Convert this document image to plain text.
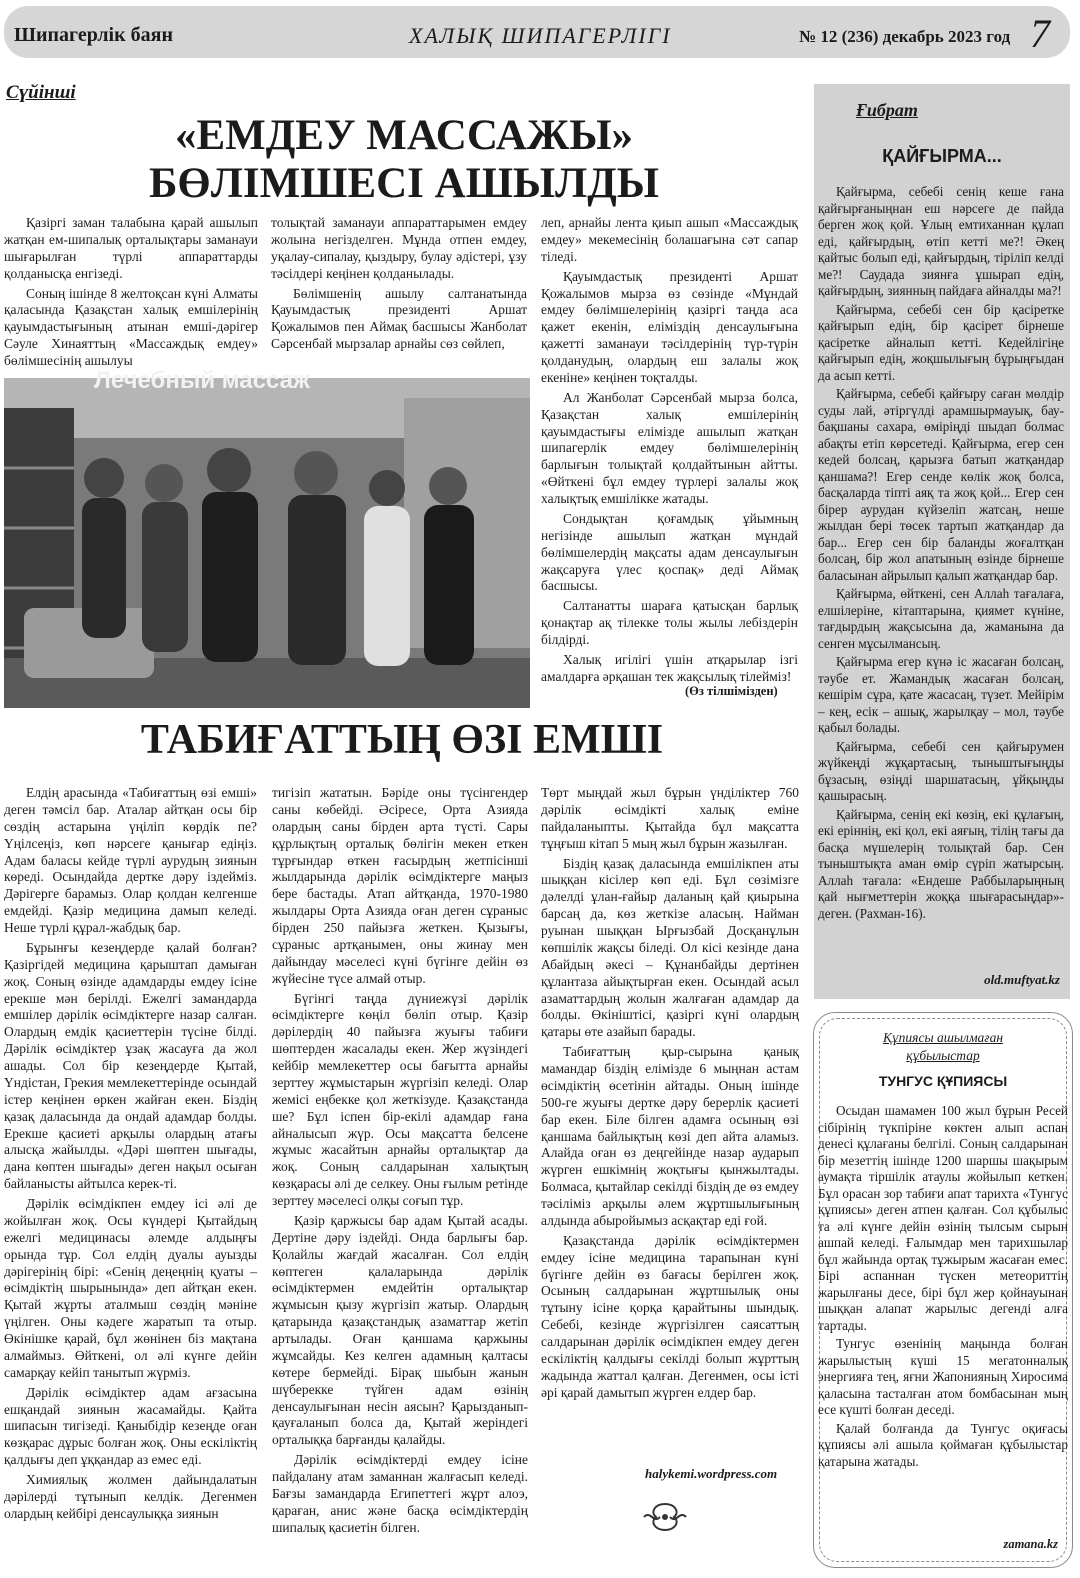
Шипагерлік баян	ХАЛЫҚ ШИПАГЕРЛІГІ	№ 12 (236) декабрь 2023 год 7
Сүйінші
«ЕМДЕУ МАССАЖЫ»
БӨЛІМШЕСІ АШЫЛДЫ

Қазіргі заман талабына қарай ашылып жатқан ем-шипалық орталықтары заманауи шығарылған түрлі аппараттарды қолданысқа енгізеді.

Соның ішінде 8 желтоқсан күні Алматы қаласында Қазақстан халық емшілерінің қауымдастығының атынан емші-дәрігер Сәуле Хинаяттың «Массаждық емдеу» бөлімшесінің ашылуы

толықтай заманауи аппараттарымен емдеу жолына негізделген. Мұнда отпен емдеу, уқалау-сипалау, қыздыру, булау әдістері, ұзу тәсілдері кеңінен қолданылады.

Бөлімшенің ашылу салтанатында Қауымдастық президенті Аршат Қожалымов пен Аймақ басшысы Жанболат Сәрсенбай мырзалар арнайы сөз сөйлеп,

леп, арнайы лента қиып ашып «Массаждық емдеу» мекемесінің болашағына сәт сапар тіледі.

Қауымдастық президенті Аршат Қожалымов мырза өз сөзінде «Мұндай емдеу бөлімшелерінің қазіргі таңда аса қажет екенін, еліміздің денсаулығына қажетті заманауи тәсілдерінің түр-түрін қолданудың, олардың еш залалы жоқ екеніне» кеңінен тоқталды.

Ал Жанболат Сәрсенбай мырза болса, Қазақстан халық емшілерінің қауымдастығы елімізде ашылып жатқан шипагерлік емдеу бөлімшелерінің барлығын толықтай қолдайтынын айтты. «Өйткені бұл емдеу түрлері залалы жоқ халықтық емшілікке жатады.

Сондықтан қоғамдық ұйымның негізінде ашылып жатқан мұндай бөлімшелердің мақсаты адам денсаулығын жақсаруға үлес қоспақ» деді Аймақ басшысы.

Салтанатты шараға қатысқан барлық қонақтар ақ тілекке толы жылы лебіздерін білдірді.

Халық игілігі үшін атқарылар ізгі амалдарға әрқашан тек жақсылық тілейміз!

Лечебный массаж
(Өз тілшімізден)
ТАБИҒАТТЫҢ ӨЗІ ЕМШІ

Елдің арасында «Табиғаттың өзі емші» деген тәмсіл бар. Аталар айтқан осы бір сөздің астарына үңіліп көрдік пе? Үңілсеңіз, көп нәрсеге қанығар едіңіз. Адам баласы кейде түрлі аурудың зиянын көреді. Осындайда дертке дәру іздейміз. Дәрігерге барамыз. Олар қолдан келгенше емдейді. Қазір медицина дамып келеді. Неше түрлі құрал-жабдық бар.

Бұрынғы кезеңдерде қалай болған? Қазіргідей медицина қарыштап дамыған жоқ. Соның өзінде адамдарды емдеу ісіне ерекше мән берілді. Ежелгі замандарда емшілер дәрілік өсімдіктерге назар салған. Олардың емдік қасиеттерін түсіне білді. Дәрілік өсімдіктер ұзақ жасауға да жол ашады. Сол бір кезеңдерде Қытай, Үндістан, Грекия мемлекеттерінде осындай істер кеңінен өркен жайған екен. Біздің қазақ даласында да ондай адамдар болды. Ерекше қасиеті арқылы олардың атағы алысқа жайылды. «Дәрі шөптен шығады, дана көптен шығады» деген нақыл осыған байланысты айтылса керек-ті.

Дәрілік өсімдікпен емдеу ісі әлі де жойылған жоқ. Осы күндері Қытайдың ежелгі медицинасы әлемде алдыңғы орында тұр. Сол елдің дуалы ауызды дәрігерінің бірі: «Сенің деңеңнің қуаты – өсімдіктің шырынында» деп айтқан екен. Қытай жұрты аталмыш сөздің мәніне үңілген. Оны кәдеге жаратып та отыр. Өкінішке қарай, бұл жөнінен біз мақтана алмаймыз. Өйткені, ол әлі күнге дейін самарқау кейіп танытып жүрміз.

Дәрілік өсімдіктер адам ағзасына ешқандай зиянын жасамайды. Қайта шипасын тигізеді. Қаныбідір кезеңде оған көзқарас дұрыс болған жоқ. Оны ескіліктің қалдығы деп ұққандар аз емес еді.

Химиялық жолмен дайындалатын дәрілерді тұтынып келдік. Дегенмен олардың кейбірі денсаулыққа зиянын

тигізіп жататын. Бәріде оны түсінгендер саны көбейді. Әсіресе, Орта Азияда олардың саны бірден арта түсті. Сары құрлықтың орталық бөлігін мекен еткен тұрғындар өткен ғасырдың жетпісінші жылдарында дәрілік өсімдіктерге маңыз бере бастады. Атап айтқанда, 1970-1980 жылдары Орта Азияда оған деген сұраныс бірден 250 пайызға жеткен. Қызығы, сұраныс артқанымен, оны жинау мен дайындау мәселесі күні бүгінге дейін өз жүйесіне түсе алмай отыр.

Бүгінгі таңда дүниежүзі дәрілік өсімдіктерге көңіл бөліп отыр. Қазір дәрілердің 40 пайызға жуығы табиғи шөптерден жасалады екен. Жер жүзіндегі кейбір мемлекеттер осы бағытта арнайы зерттеу жұмыстарын жүргізіп келеді. Олар жемісі еңбекке қол жеткізуде. Қазақстанда ше? Бұл іспен бір-екілі адамдар ғана айналысып жүр. Осы мақсатта белсене жұмыс жасайтын арнайы орталықтар да жоқ. Соның салдарынан халықтың көзқарасы әлі де селкеу. Оны ғылым ретінде зерттеу мәселесі олқы соғып тұр.

Қазір қаржысы бар адам Қытай асады. Дертіне дәру іздейді. Онда барлығы бар. Қолайлы жағдай жасалған. Сол елдің көптеген қалаларында дәрілік өсімдіктермен емдейтін орталықтар жұмысын қызу жүргізіп жатыр. Олардың қатарында қазақстандық азаматтар жетіп артылады. Оған қаншама қаржыны жұмсайды. Кез келген адамның қалтасы көтере бермейді. Бірақ шыбын жанын шүберекке түйген адам өзінің денсаулығынан несін аясын? Қарызданып-қауғаланып болса да, Қытай жеріндегі орталыққа барғанды қалайды.

Дәрілік өсімдіктерді емдеу ісіне пайдалану атам заманнан жалғасып келеді. Бағзы замандарда Египеттегі жұрт алоэ, қараған, анис және басқа өсімдіктердің шипалық қасиетін білген.

Төрт мыңдай жыл бұрын үнділіктер 760 дәрілік өсімдікті халық еміне пайдаланыпты. Қытайда бұл мақсатта тұңғыш кітап 5 мың жыл бұрын жазылған.

Біздің қазақ даласында емшілікпен аты шыққан кісілер көп еді. Бұл сөзімізге дәлелді ұлан-ғайыр даланың қай қиырына барсаң да, көз жеткізе аласың. Найман руынан шыққан Ырғызбай Досқанұлын көпшілік жақсы біледі. Ол кісі кезінде дана Абайдың әкесі – Құнанбайды дертінен құлантаза айықтырған екен. Осындай асыл азаматтардың жолын жалғаған адамдар да болды. Өкініштісі, қазіргі күні олардың қатары өте азайып барады.

Табиғаттың қыр-сырына қанық мамандар біздің елімізде 6 мыңнан астам өсімдіктің өсетінін айтады. Оның ішінде 500-ге жуығы дертке дәру берерлік қасиеті бар екен. Біле білген адамға осының өзі қаншама байлықтың көзі деп айта аламыз. Алайда оған өз деңгейінде назар аударып жүрген ешкімнің жоқтығы қынжылтады. Болмаса, қытайлар секілді біздің де өз емдеу тәсіліміз арқылы әлем жұртшылығының алдында абыройымыз асқақтар еді ғой.

Қазақстанда дәрілік өсімдіктермен емдеу ісіне медицина тарапынан күні бүгінге дейін өз бағасы берілген жоқ. Осының салдарынан жұртшылық оны тұтыну ісіне қорқа қарайтыны шындық. Себебі, кезінде жүргізілген саясаттың салдарынан дәрілік өсімдікпен емдеу деген ескіліктің қалдығы секілді болып жұрттың жадында жаттал қалған. Дегенмен, осы істі әрі қарай дамытып жүрген елдер бар.

halykemi.wordpress.com
Ғибрат
ҚАЙҒЫРМА...

Қайғырма, себебі сенің кеше ғана қайғырғаныңнан еш нәрсеге де пайда берген жоқ қой. Ұлың емтиханнан құлап еді, қайғырдың, өтіп кетті ме?! Әкең қайтыс болып еді, қайғырдың, тіріліп келді ме?! Саудада зиянға ұшырап едің, қайғырдың, зиянның пайдаға айналды ма?!

Қайғырма, себебі сен бір қасіретке қайғырып едің, бір қасірет бірнеше қасіретке айналып кетті. Кедейлігіңе қайғырып едің, жоқшылығың бұрыңғыдан да асып кетті.

Қайғырма, себебі қайғыру саған мөлдір суды лай, әтіргүлді арамшырмауық, бау-бақшаны сахара, өміріңді шыдап болмас абақты етіп көрсетеді. Қайғырма, егер сен кедей болсаң, қарызға батып жатқандар қаншама?! Егер сенде көлік жоқ болса, басқаларда тіпті аяқ та жоқ қой... Егер сен бірер аурудан күйзеліп жатсаң, неше жылдан бері төсек тартып жатқандар да бар... Егер сен бір баланды жоғалтқан болсаң, бір жол апатының өзінде бірнеше баласынан айрылып қалып жатқандар бар.

Қайғырма, өйткені, сен Аллаһ тағалаға, елшілеріне, кітаптарына, қиямет күніне, тағдырдың жақсысына да, жаманына да сенген мұсылмансың.

Қайғырма егер күнә іс жасаған болсаң, тәубе ет. Жамандық жасаған болсаң, кешірім сұра, қате жасасаң, түзет. Мейірім – кең, есік – ашық, жарылқау – мол, тәубе қабыл болады.

Қайғырма, себебі сен қайғырумен жүйкеңді жұқартасың, тыныштығыңды бұзасың, өзіңді шаршатасың, ұйқыңды қашырасың.

Қайғырма, сенің екі көзің, екі құлағың, екі еріннің, екі қол, екі аяғың, тілің тағы да басқа мүшелерің толықтай бар. Сен тыныштықта аман өмір сүріп жатырсың. Аллаһ тағала: «Ендеше Раббыларыңның қай нығметтерін жоққа шығарасыңдар»-деген. (Рахман-16).

old.muftyat.kz
Құпиясы ашылмаған
құбылыстар
ТУНГУС ҚҰПИЯСЫ

Осыдан шамамен 100 жыл бұрын Ресей сібірінің түкпіріне көктен алып аспан денесі құлағаны белгілі. Соның салдарынан бір мезеттің ішінде 1200 шаршы шақырым аумақта тіршілік атаулы жойылып кеткен. Бұл орасан зор табиғи апат тарихта «Тунгус құпиясы» деген атпен қалған. Сол құбылыс та әлі күнге дейін өзінің тылсым сырын ашпай келеді. Ғалымдар мен тарихшылар бұл жайында ортақ тұжырым жасаған емес. Бірі аспаннан түскен метеориттің жарылғаны десе, бірі бұл жер қойнауынан шыққан алапат жарылыс дегенді алға тартады.

Тунгус өзенінің маңында болған жарылыстың күші 15 мегатонналық энергияға тең, яғни Жапонияның Хиросима қаласына тасталған атом бомбасынан мың есе күшті болған деседі.

Қалай болғанда да Тунгус оқиғасы құпиясы әлі ашыла қоймаған құбылыстар қатарына жатады.

zamana.kz
